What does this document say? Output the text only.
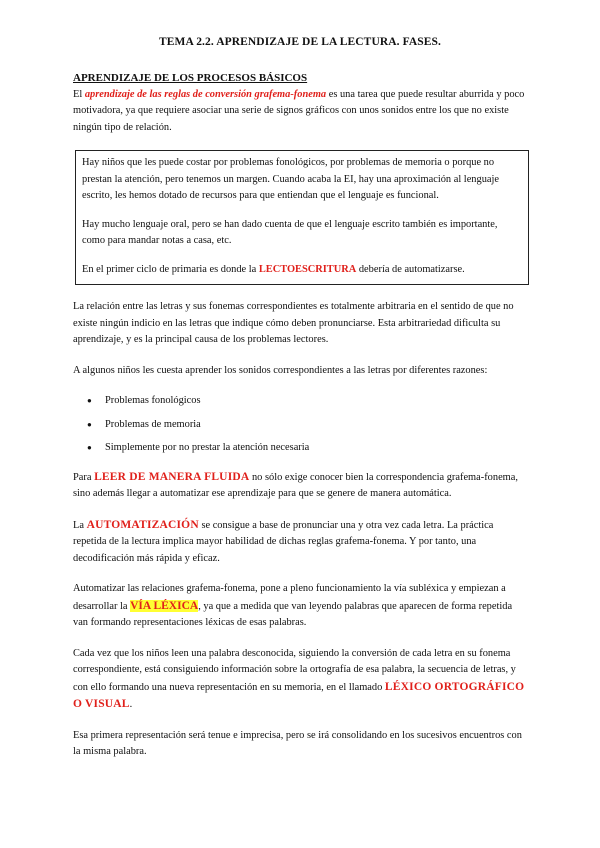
TEMA 2.2. APRENDIZAJE DE LA LECTURA. FASES.
APRENDIZAJE DE LOS PROCESOS BÁSICOS

El aprendizaje de las reglas de conversión grafema-fonema es una tarea que puede resultar aburrida y poco motivadora, ya que requiere asociar una serie de signos gráficos con unos sonidos entre los que no existe ningún tipo de relación.

Hay niños que les puede costar por problemas fonológicos, por problemas de memoria o porque no prestan la atención, pero tenemos un margen. Cuando acaba la EI, hay una aproximación al lenguaje escrito, les hemos dotado de recursos para que entiendan que el lenguaje es funcional.

Hay mucho lenguaje oral, pero se han dado cuenta de que el lenguaje escrito también es importante, como para mandar notas a casa, etc.

En el primer ciclo de primaria es donde la LECTOESCRITURA debería de automatizarse.

La relación entre las letras y sus fonemas correspondientes es totalmente arbitraria en el sentido de que no existe ningún indicio en las letras que indique cómo deben pronunciarse. Esta arbitrariedad dificulta su aprendizaje, y es la principal causa de los problemas lectores.

A algunos niños les cuesta aprender los sonidos correspondientes a las letras por diferentes razones:

● Problemas fonológicos
● Problemas de memoria
● Simplemente por no prestar la atención necesaria

Para LEER DE MANERA FLUIDA no sólo exige conocer bien la correspondencia grafema-fonema, sino además llegar a automatizar ese aprendizaje para que se genere de manera automática.

La AUTOMATIZACIÓN se consigue a base de pronunciar una y otra vez cada letra. La práctica repetida de la lectura implica mayor habilidad de dichas reglas grafema-fonema. Y por tanto, una decodificación más rápida y eficaz.

Automatizar las relaciones grafema-fonema, pone a pleno funcionamiento la vía subléxica y empiezan a desarrollar la VÍA LÉXICA, ya que a medida que van leyendo palabras que aparecen de forma repetida van formando representaciones léxicas de esas palabras.

Cada vez que los niños leen una palabra desconocida, siguiendo la conversión de cada letra en su fonema correspondiente, está consiguiendo información sobre la ortografía de esa palabra, la secuencia de letras, y con ello formando una nueva representación en su memoria, en el llamado LÉXICO ORTOGRÁFICO O VISUAL.

Esa primera representación será tenue e imprecisa, pero se irá consolidando en los sucesivos encuentros con la misma palabra.
